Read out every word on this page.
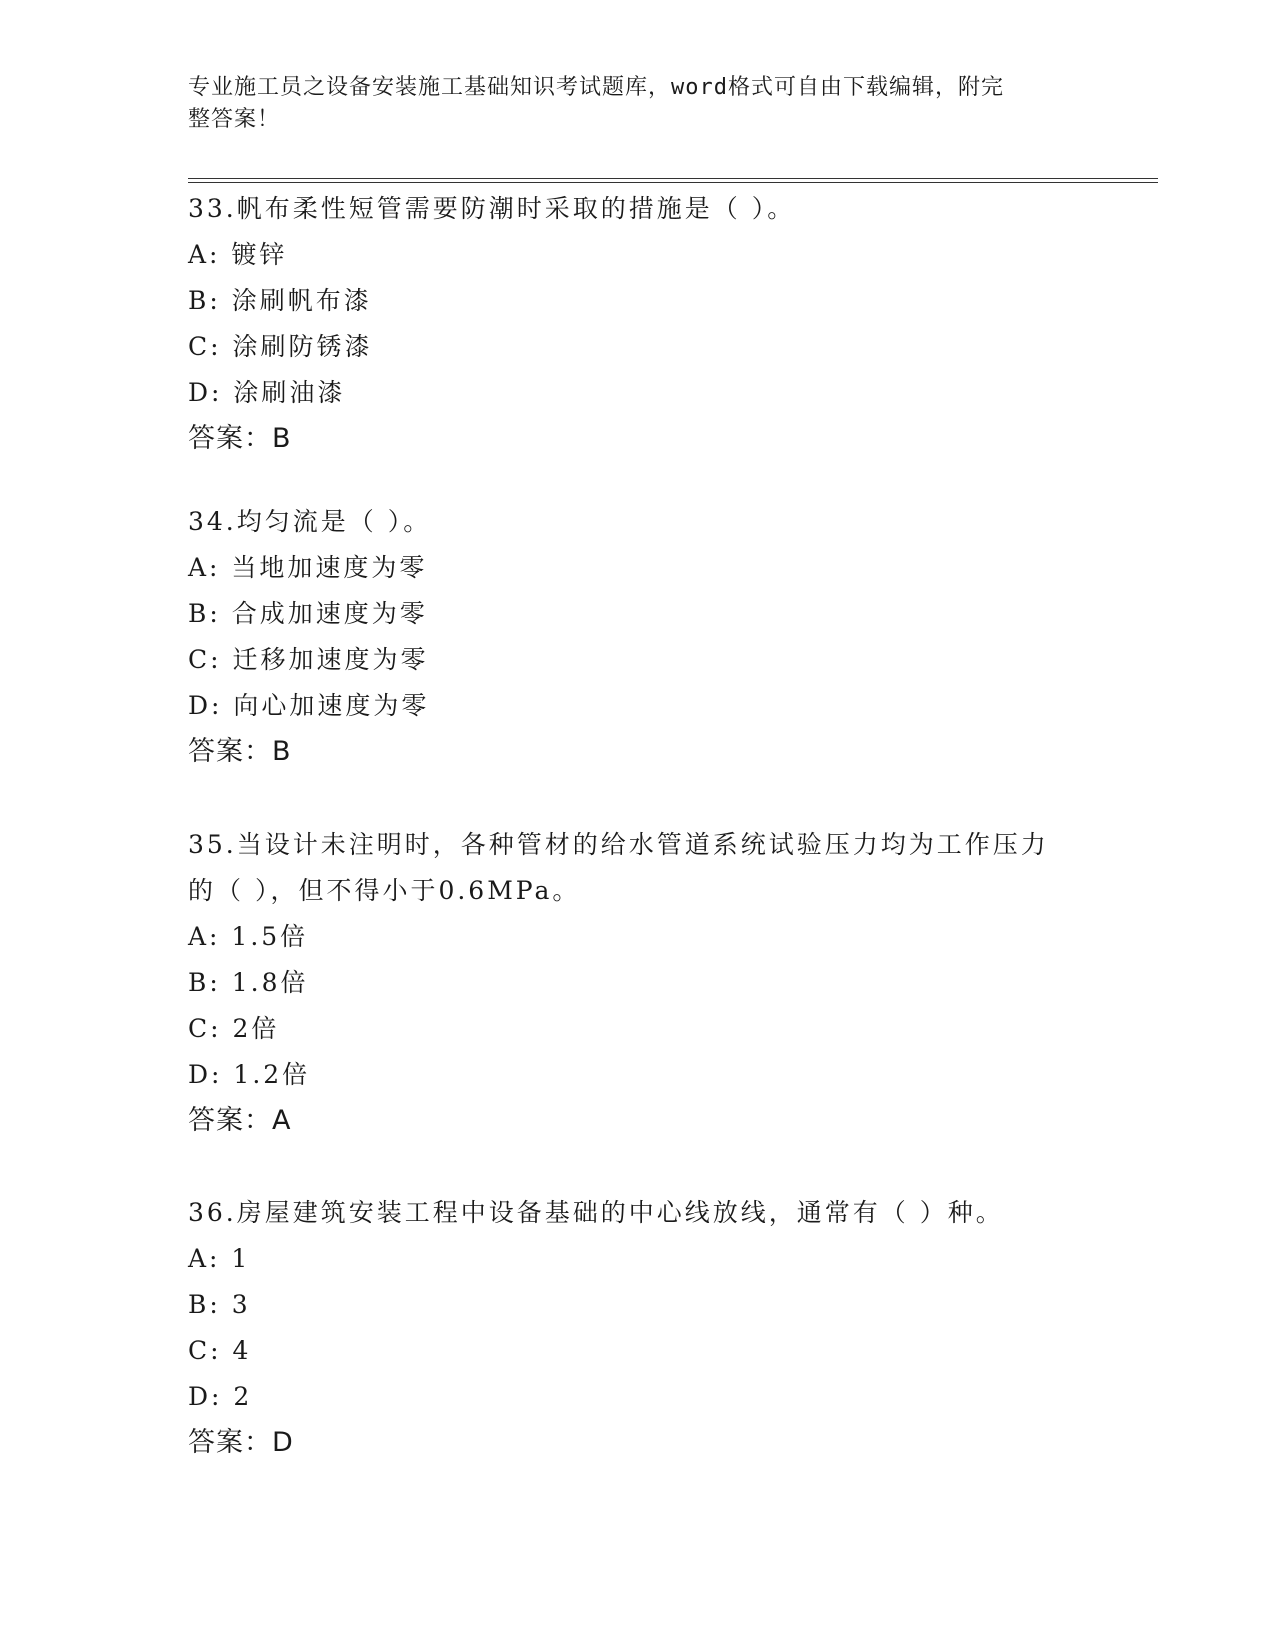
专业施工员之设备安装施工基础知识考试题库，word格式可自由下载编辑，附完
整答案！
33.帆布柔性短管需要防潮时采取的措施是（ ）。
A: 镀锌
B: 涂刷帆布漆
C: 涂刷防锈漆
D: 涂刷油漆
答案：B
34.均匀流是（ ）。
A: 当地加速度为零
B: 合成加速度为零
C: 迁移加速度为零
D: 向心加速度为零
答案：B
35.当设计未注明时，各种管材的给水管道系统试验压力均为工作压力
的（ ），但不得小于0.6MPa。
A: 1.5倍
B: 1.8倍
C: 2倍
D: 1.2倍
答案：A
36.房屋建筑安装工程中设备基础的中心线放线，通常有（ ）种。
A: 1
B: 3
C: 4
D: 2
答案：D
